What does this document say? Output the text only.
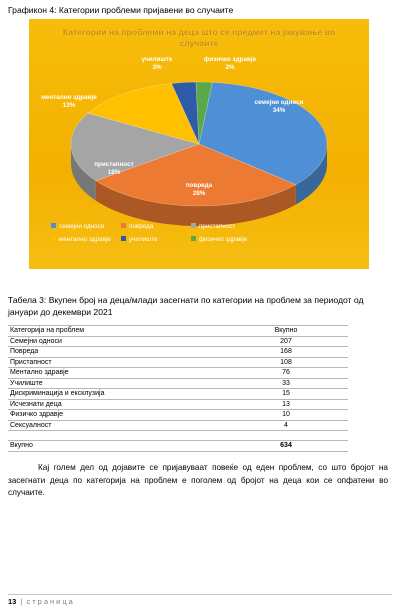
Графикон 4: Категории проблеми пријавени во случаите
семејни односи
34%
повреда
28%
пристапност
18%
ментално здравје
13%
училиште
3%
физичко здравје
2%
семејни односи	повреда	пристапност
ментално здравје	училиште	физичко здравје
Категории на проблеми на деца што се предмет на јавување во случаите
Табела 3: Вкупен број на деца/млади засегнати по категории на проблем за периодот од јануари до декември 2021
Категорија на проблем	Вкупно
Семејни односи	207
Повреда	168
Пристапност	108
Ментално здравје	76
Училиште	33
Дискриминација и ексклузија	15
Исчезнати деца	13
Физичко здравје	10
Сексуалност	4

Вкупно	634
Кај голем дел од дојавите се пријавуваат повеќе од еден проблем, со што бројот на засегнати деца по категорија на проблем е поголем од бројот на деца кои се опфатени во случаите.
13 | страница
